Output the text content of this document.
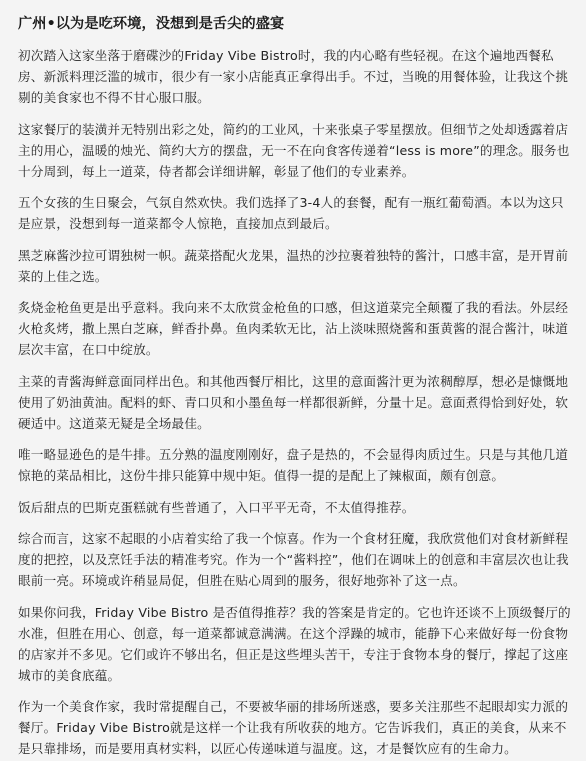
广州•以为是吃环境，没想到是舌尖的盛宴

初次踏入这家坐落于磨碟沙的Friday Vibe Bistro时，我的内心略有些轻视。在这个遍地西餐私房、新派料理泛滥的城市，很少有一家小店能真正拿得出手。不过，当晚的用餐体验，让我这个挑剔的美食家也不得不甘心服口服。

这家餐厅的装潢并无特别出彩之处，简约的工业风，十来张桌子零星摆放。但细节之处却透露着店主的用心，温暖的烛光、简约大方的摆盘，无一不在向食客传递着“less is more”的理念。服务也十分周到，每上一道菜，侍者都会详细讲解，彰显了他们的专业素养。

五个女孩的生日聚会，气氛自然欢快。我们选择了3-4人的套餐，配有一瓶红葡萄酒。本以为这只是应景，没想到每一道菜都令人惊艳，直接加点到最后。

黑芝麻酱沙拉可谓独树一帜。蔬菜搭配火龙果，温热的沙拉裹着独特的酱汁，口感丰富，是开胃前菜的上佳之选。

炙烧金枪鱼更是出乎意料。我向来不太欣赏金枪鱼的口感，但这道菜完全颠覆了我的看法。外层经火枪炙烤，撒上黑白芝麻，鲜香扑鼻。鱼肉柔软无比，沾上淡味照烧酱和蛋黄酱的混合酱汁，味道层次丰富，在口中绽放。

主菜的青酱海鲜意面同样出色。和其他西餐厅相比，这里的意面酱汁更为浓稠醇厚，想必是慷慨地使用了奶油黄油。配料的虾、青口贝和小墨鱼每一样都很新鲜，分量十足。意面煮得恰到好处，软硬适中。这道菜无疑是全场最佳。

唯一略显逊色的是牛排。五分熟的温度刚刚好，盘子是热的，不会显得肉质过生。只是与其他几道惊艳的菜品相比，这份牛排只能算中规中矩。值得一提的是配上了辣椒面，颇有创意。

饭后甜点的巴斯克蛋糕就有些普通了，入口平平无奇，不太值得推荐。

综合而言，这家不起眼的小店着实给了我一个惊喜。作为一个食材狂魔，我欣赏他们对食材新鲜程度的把控，以及烹饪手法的精准考究。作为一个“酱料控”，他们在调味上的创意和丰富层次也让我眼前一亮。环境或许稍显局促，但胜在贴心周到的服务，很好地弥补了这一点。

如果你问我，Friday Vibe Bistro 是否值得推荐？我的答案是肯定的。它也许还谈不上顶级餐厅的水准，但胜在用心、创意，每一道菜都诚意满满。在这个浮躁的城市，能静下心来做好每一份食物的店家并不多见。它们或许不够出名，但正是这些埋头苦干，专注于食物本身的餐厅，撑起了这座城市的美食底蕴。

作为一个美食作家，我时常提醒自己，不要被华丽的排场所迷惑，要多关注那些不起眼却实力派的餐厅。Friday Vibe Bistro就是这样一个让我有所收获的地方。它告诉我们，真正的美食，从来不是只靠排场，而是要用真材实料，以匠心传递味道与温度。这，才是餐饮应有的生命力。
